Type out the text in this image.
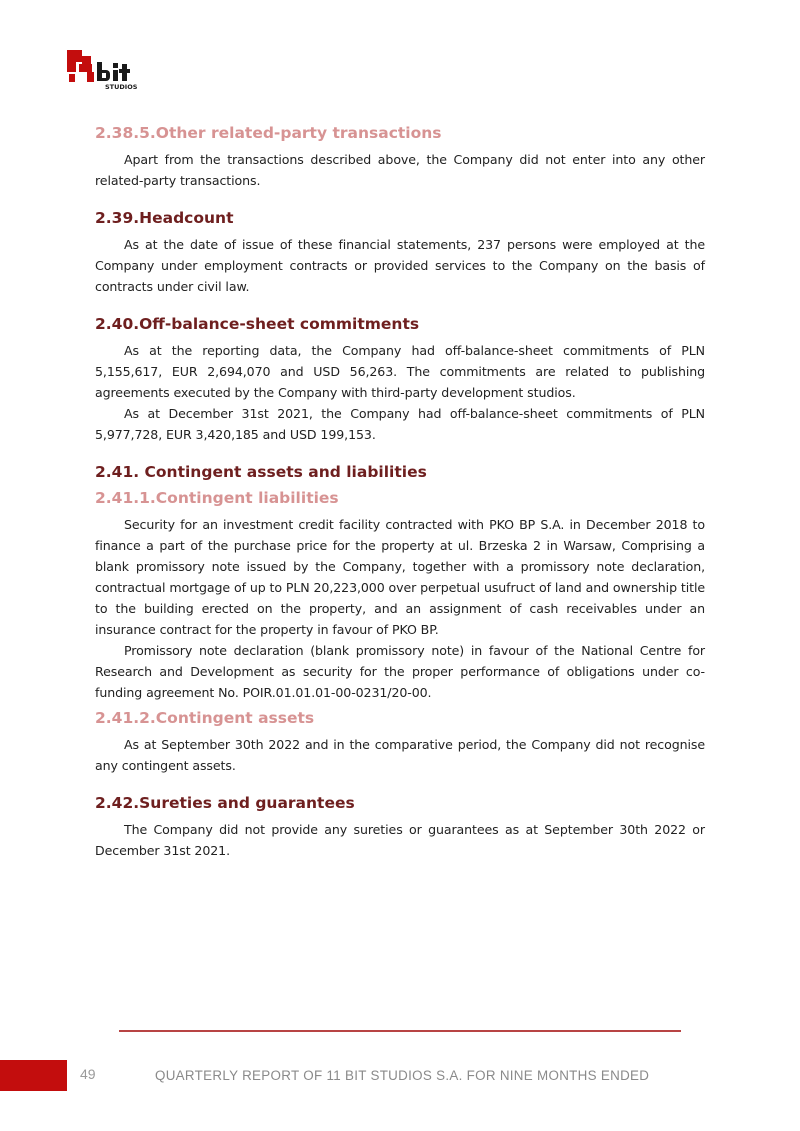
STUDIOS
2.38.5.Other related-party transactions

Apart from the transactions described above, the Company did not enter into any other related-party transactions.

2.39.Headcount

As at the date of issue of these financial statements, 237 persons were employed at the Company under employment contracts or provided services to the Company on the basis of contracts under civil law.

2.40.Off-balance-sheet commitments

As at the reporting data, the Company had off-balance-sheet commitments of PLN 5,155,617, EUR 2,694,070 and USD 56,263. The commitments are related to publishing agreements executed by the Company with third-party development studios.

As at December 31st 2021, the Company had off-balance-sheet commitments of PLN 5,977,728, EUR 3,420,185 and USD 199,153.

2.41. Contingent assets and liabilities
2.41.1.Contingent liabilities

Security for an investment credit facility contracted with PKO BP S.A. in December 2018 to finance a part of the purchase price for the property at ul. Brzeska 2 in Warsaw, Comprising a blank promissory note issued by the Company, together with a promissory note declaration, contractual mortgage of up to PLN 20,223,000 over perpetual usufruct of land and ownership title to the building erected on the property, and an assignment of cash receivables under an insurance contract for the property in favour of PKO BP.

Promissory note declaration (blank promissory note) in favour of the National Centre for Research and Development as security for the proper performance of obligations under co-funding agreement No. POIR.01.01.01-00-0231/20-00.

2.41.2.Contingent assets

As at September 30th 2022 and in the comparative period, the Company did not recognise any contingent assets.

2.42.Sureties and guarantees

The Company did not provide any sureties or guarantees as at September 30th 2022 or December 31st 2021.

49	QUARTERLY REPORT OF 11 BIT STUDIOS S.A. FOR NINE MONTHS ENDED
